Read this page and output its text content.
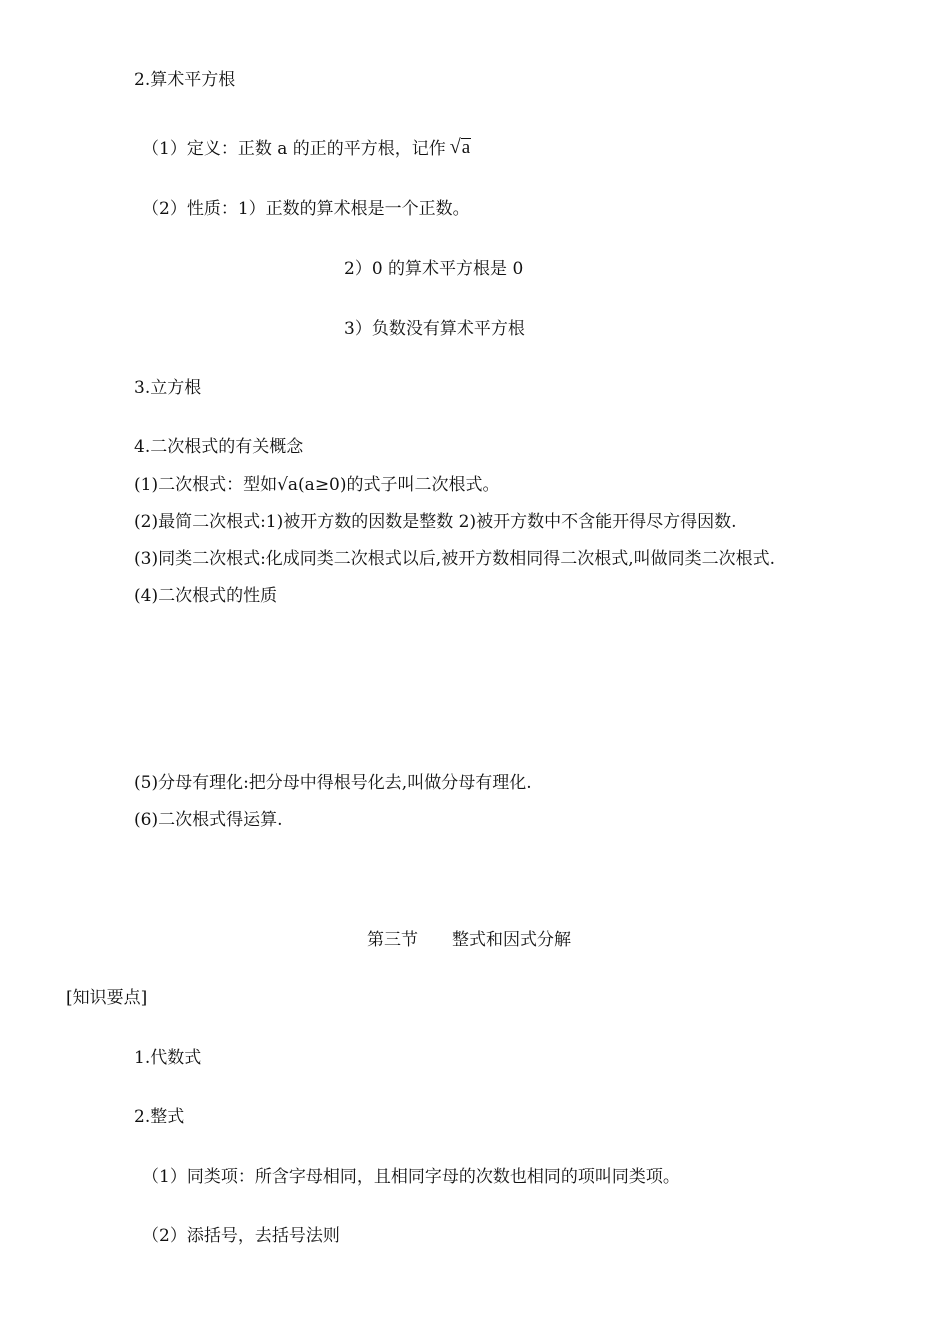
2.算术平方根
（1）定义：正数 a 的正的平方根，记作 √a
（2）性质：1）正数的算术根是一个正数。
2）0 的算术平方根是 0
3）负数没有算术平方根
3.立方根
4.二次根式的有关概念
(1)二次根式：型如√a(a≥0)的式子叫二次根式。
(2)最简二次根式:1)被开方数的因数是整数 2)被开方数中不含能开得尽方得因数.
(3)同类二次根式:化成同类二次根式以后,被开方数相同得二次根式,叫做同类二次根式.
(4)二次根式的性质
(5)分母有理化:把分母中得根号化去,叫做分母有理化.
(6)二次根式得运算.
第三节　　整式和因式分解
[知识要点]
1.代数式
2.整式
（1）同类项：所含字母相同，且相同字母的次数也相同的项叫同类项。
（2）添括号，去括号法则
